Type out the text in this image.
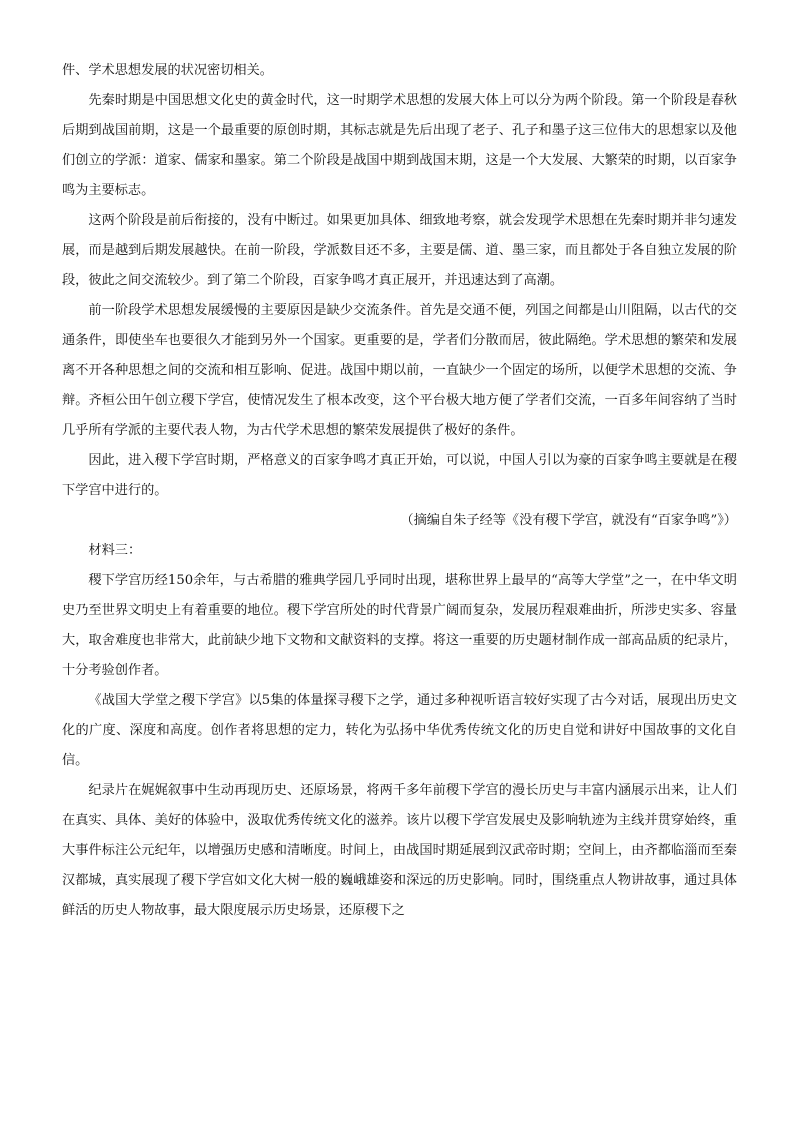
件、学术思想发展的状况密切相关。

先秦时期是中国思想文化史的黄金时代，这一时期学术思想的发展大体上可以分为两个阶段。第一个阶段是春秋后期到战国前期，这是一个最重要的原创时期，其标志就是先后出现了老子、孔子和墨子这三位伟大的思想家以及他们创立的学派：道家、儒家和墨家。第二个阶段是战国中期到战国末期，这是一个大发展、大繁荣的时期，以百家争鸣为主要标志。

这两个阶段是前后衔接的，没有中断过。如果更加具体、细致地考察，就会发现学术思想在先秦时期并非匀速发展，而是越到后期发展越快。在前一阶段，学派数目还不多，主要是儒、道、墨三家，而且都处于各自独立发展的阶段，彼此之间交流较少。到了第二个阶段，百家争鸣才真正展开，并迅速达到了高潮。

前一阶段学术思想发展缓慢的主要原因是缺少交流条件。首先是交通不便，列国之间都是山川阻隔，以古代的交通条件，即使坐车也要很久才能到另外一个国家。更重要的是，学者们分散而居，彼此隔绝。学术思想的繁荣和发展离不开各种思想之间的交流和相互影响、促进。战国中期以前，一直缺少一个固定的场所，以便学术思想的交流、争辩。齐桓公田午创立稷下学宫，使情况发生了根本改变，这个平台极大地方便了学者们交流，一百多年间容纳了当时几乎所有学派的主要代表人物，为古代学术思想的繁荣发展提供了极好的条件。

因此，进入稷下学宫时期，严格意义的百家争鸣才真正开始，可以说，中国人引以为豪的百家争鸣主要就是在稷下学宫中进行的。

（摘编自朱子经等《没有稷下学宫，就没有“百家争鸣”》）

材料三：

稷下学宫历经150余年，与古希腊的雅典学园几乎同时出现，堪称世界上最早的“高等大学堂”之一，在中华文明史乃至世界文明史上有着重要的地位。稷下学宫所处的时代背景广阔而复杂，发展历程艰难曲折，所涉史实多、容量大，取舍难度也非常大，此前缺少地下文物和文献资料的支撑。将这一重要的历史题材制作成一部高品质的纪录片，十分考验创作者。

《战国大学堂之稷下学宫》以5集的体量探寻稷下之学，通过多种视听语言较好实现了古今对话，展现出历史文化的广度、深度和高度。创作者将思想的定力，转化为弘扬中华优秀传统文化的历史自觉和讲好中国故事的文化自信。

纪录片在娓娓叙事中生动再现历史、还原场景，将两千多年前稷下学宫的漫长历史与丰富内涵展示出来，让人们在真实、具体、美好的体验中，汲取优秀传统文化的滋养。该片以稷下学宫发展史及影响轨迹为主线并贯穿始终，重大事件标注公元纪年，以增强历史感和清晰度。时间上，由战国时期延展到汉武帝时期；空间上，由齐都临淄而至秦汉都城，真实展现了稷下学宫如文化大树一般的巍峨雄姿和深远的历史影响。同时，围绕重点人物讲故事，通过具体鲜活的历史人物故事，最大限度展示历史场景，还原稷下之
